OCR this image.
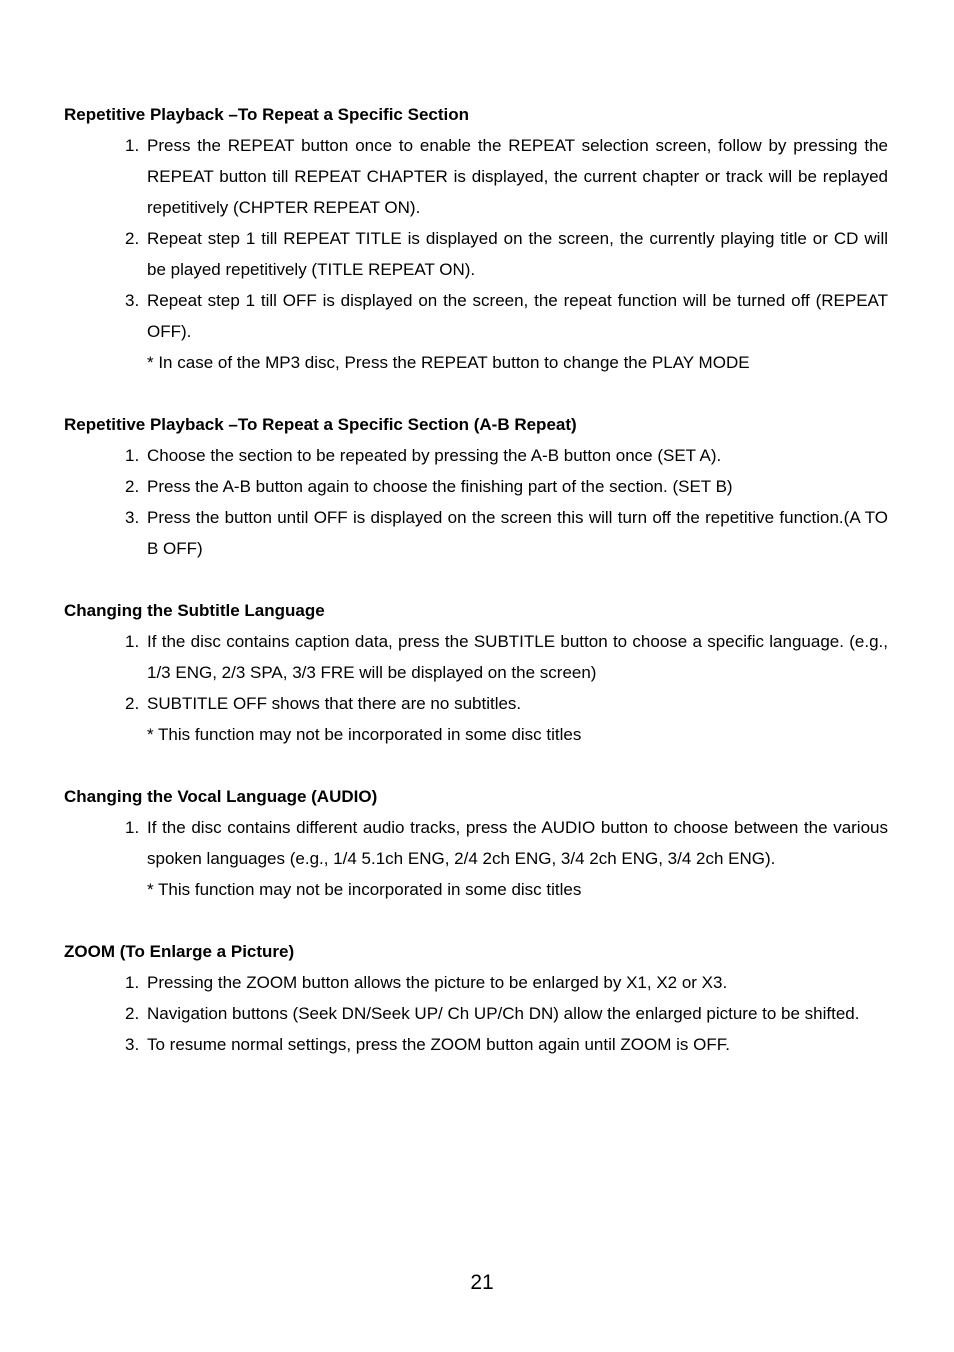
Repetitive Playback –To Repeat a Specific Section
1. Press the REPEAT button once to enable the REPEAT selection screen, follow by pressing the REPEAT button till REPEAT CHAPTER is displayed, the current chapter or track will be replayed repetitively (CHPTER REPEAT ON).
2. Repeat step 1 till REPEAT TITLE is displayed on the screen, the currently playing title or CD will be played repetitively (TITLE REPEAT ON).
3. Repeat step 1 till OFF is displayed on the screen, the repeat function will be turned off (REPEAT OFF).
* In case of the MP3 disc, Press the REPEAT button to change the PLAY MODE
Repetitive Playback –To Repeat a Specific Section (A-B Repeat)
1. Choose the section to be repeated by pressing the A-B button once (SET A).
2. Press the A-B button again to choose the finishing part of the section. (SET B)
3. Press the button until OFF is displayed on the screen this will turn off the repetitive function.(A TO B OFF)
Changing the Subtitle Language
1. If the disc contains caption data, press the SUBTITLE button to choose a specific language. (e.g., 1/3 ENG, 2/3 SPA, 3/3 FRE will be displayed on the screen)
2. SUBTITLE OFF shows that there are no subtitles.
* This function may not be incorporated in some disc titles
Changing the Vocal Language (AUDIO)
1. If the disc contains different audio tracks, press the AUDIO button to choose between the various spoken languages (e.g., 1/4 5.1ch ENG, 2/4 2ch ENG, 3/4 2ch ENG, 3/4 2ch ENG).
* This function may not be incorporated in some disc titles
ZOOM (To Enlarge a Picture)
1. Pressing the ZOOM button allows the picture to be enlarged by X1, X2 or X3.
2. Navigation buttons (Seek DN/Seek UP/ Ch UP/Ch DN) allow the enlarged picture to be shifted.
3. To resume normal settings, press the ZOOM button again until ZOOM is OFF.
21
